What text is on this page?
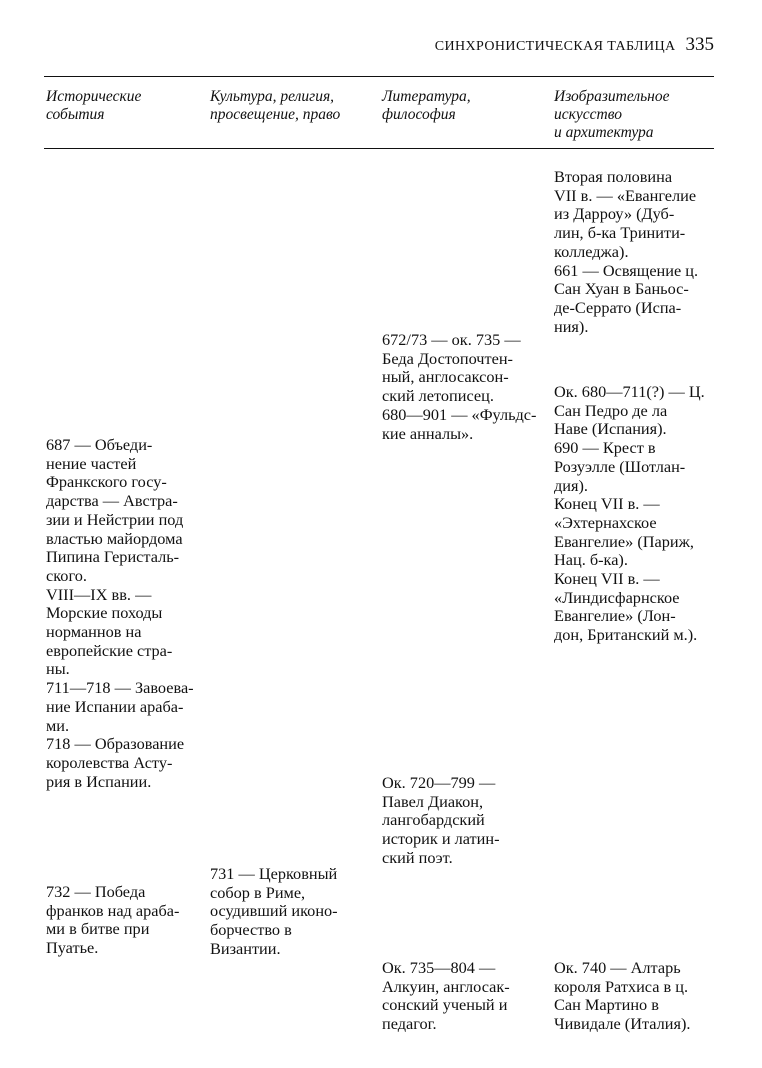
СИНХРОНИСТИЧЕСКАЯ ТАБЛИЦА 335
Исторические
события
Культура, религия,
просвещение, право
Литература,
философия
Изобразительное
искусство
и архитектура
Вторая половина
VII в. — «Евангелие
из Дарроу» (Дуб-
лин, б-ка Тринити-
колледжа).
661 — Освящение ц.
Сан Хуан в Баньос-
де-Серрато (Испа-
ния).
Ок. 680—711(?) — Ц.
Сан Педро де ла
Наве (Испания).
690 — Крест в
Розуэлле (Шотлан-
дия).
Конец VII в. —
«Эхтернахское
Евангелие» (Париж,
Нац. б-ка).
Конец VII в. —
«Линдисфарнское
Евангелие» (Лон-
дон, Британский м.).
Ок. 740 — Алтарь
короля Ратхиса в ц.
Сан Мартино в
Чивидале (Италия).
672/73 — ок. 735 —
Беда Достопочтен-
ный, англосаксон-
ский летописец.
680—901 — «Фульдс-
кие анналы».
Ок. 720—799 —
Павел Диакон,
лангобардский
историк и латин-
ский поэт.
Ок. 735—804 —
Алкуин, англосак-
сонский ученый и
педагог.
687 — Объеди-
нение частей
Франкского госу-
дарства — Австра-
зии и Нейстрии под
властью майордома
Пипина Геристаль-
ского.
VIII—IX вв. —
Морские походы
норманнов на
европейские стра-
ны.
711—718 — Завоева-
ние Испании араба-
ми.
718 — Образование
королевства Асту-
рия в Испании.
732 — Победа
франков над араба-
ми в битве при
Пуатье.
731 — Церковный
собор в Риме,
осудивший иконо-
борчество в
Византии.
